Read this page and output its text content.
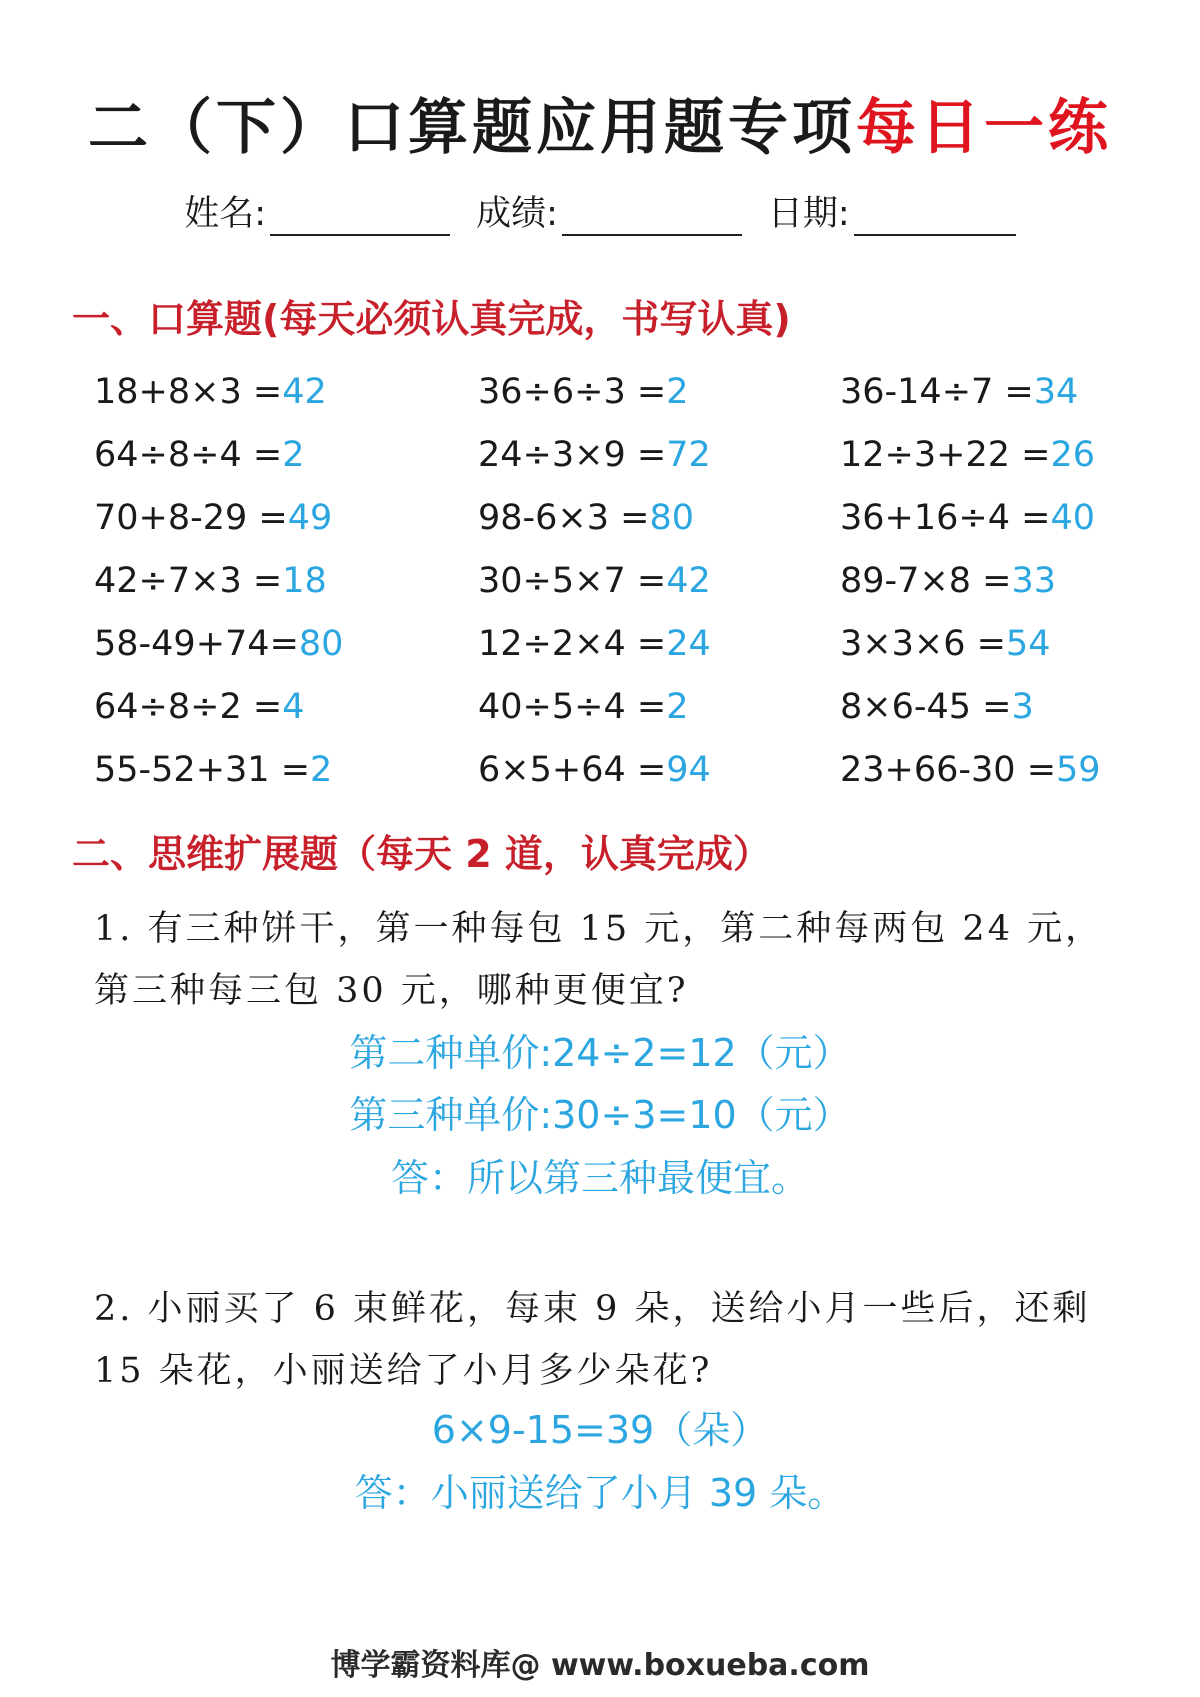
二（下）口算题应用题专项每日一练
姓名:	成绩:	日期:
一、口算题(每天必须认真完成，书写认真)
18+8×3 =42	36÷6÷3 =2	36-14÷7 =34
64÷8÷4 =2	24÷3×9 =72	12÷3+22 =26
70+8-29 =49	98-6×3 =80	36+16÷4 =40
42÷7×3 =18	30÷5×7 =42	89-7×8 =33
58-49+74=80	12÷2×4 =24	3×3×6 =54
64÷8÷2 =4	40÷5÷4 =2	8×6-45 =3
55-52+31 =2	6×5+64 =94	23+66-30 =59
二、思维扩展题（每天 2 道，认真完成）
1. 有三种饼干，第一种每包 15 元，第二种每两包 24 元，第三种每三包 30 元，哪种更便宜?
第二种单价:24÷2=12（元）
第三种单价:30÷3=10（元）
答：所以第三种最便宜。
2. 小丽买了 6 束鲜花，每束 9 朵，送给小月一些后，还剩 15 朵花，小丽送给了小月多少朵花?
6×9-15=39（朵）
答：小丽送给了小月 39 朵。
博学霸资料库@ www.boxueba.com
